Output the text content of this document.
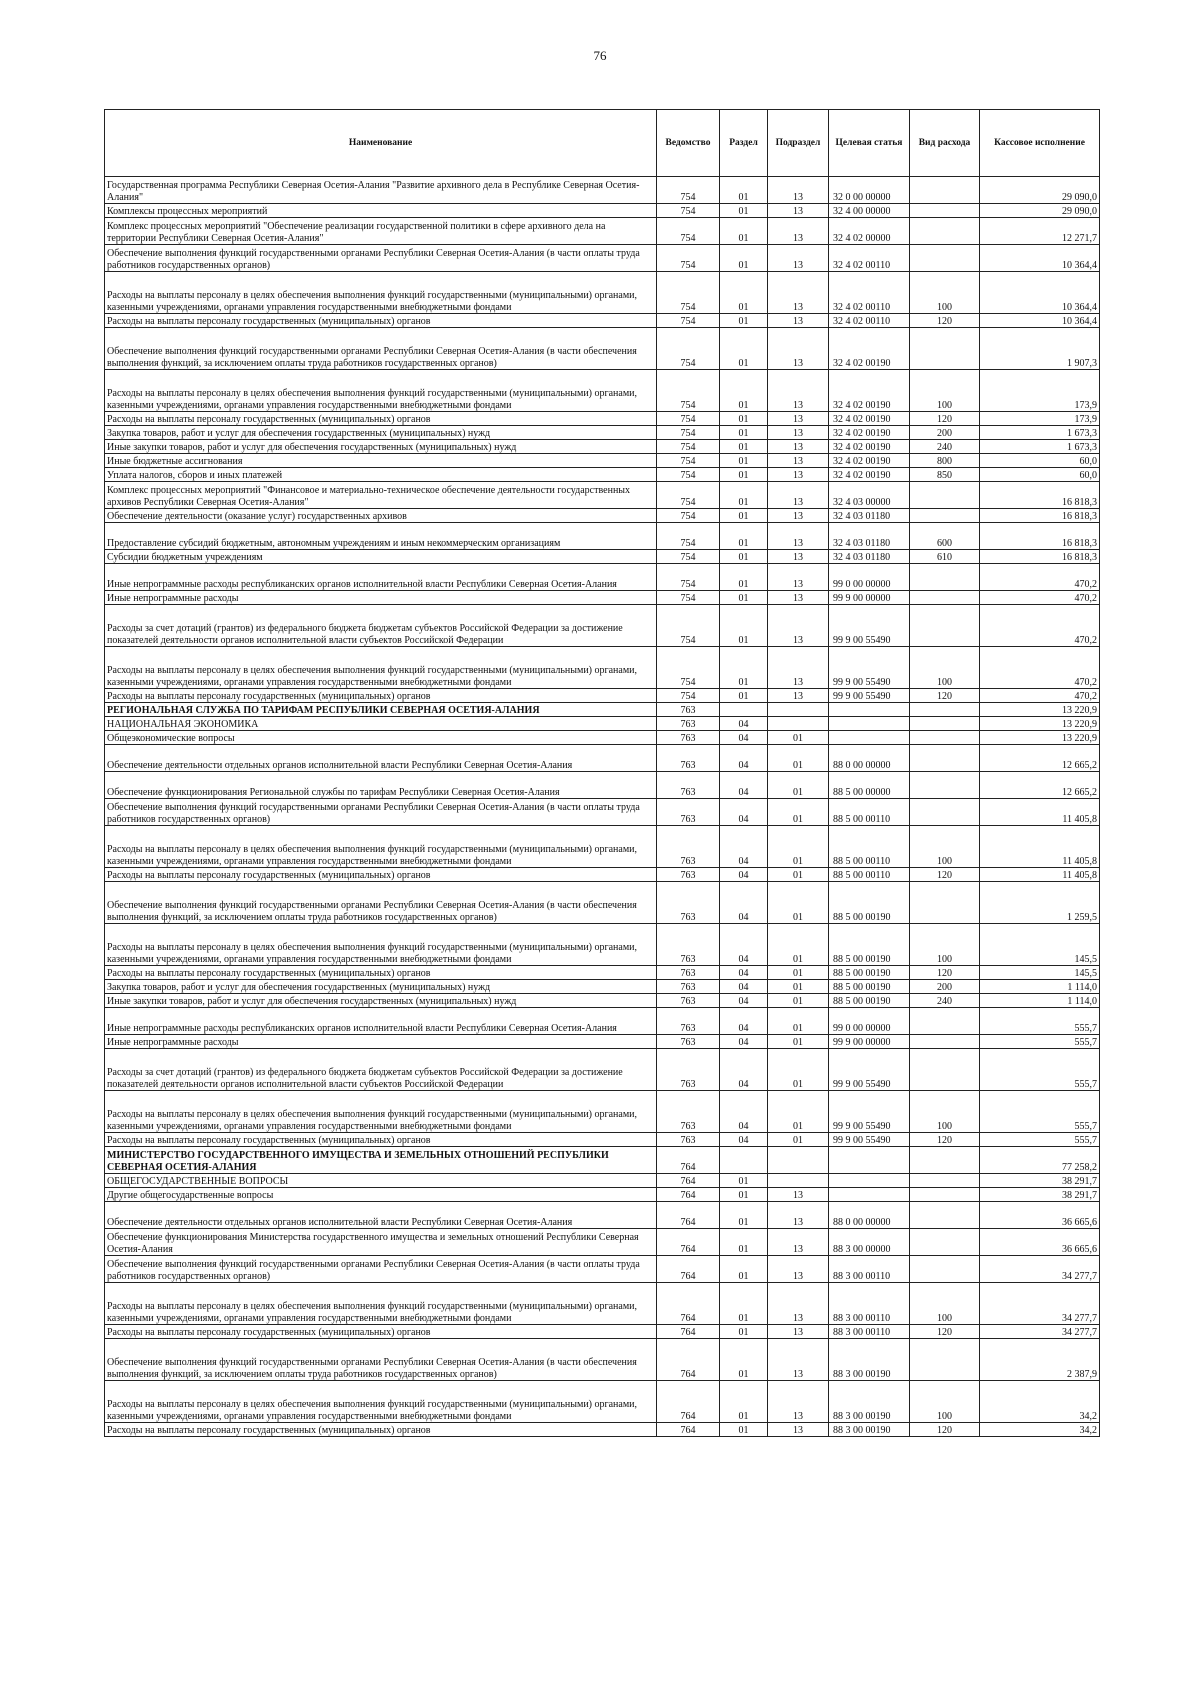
76
Наименование	Ведомство	Раздел	Подраздел	Целевая статья	Вид расхода	Кассовое исполнение
Государственная программа Республики Северная Осетия-Алания "Развитие архивного дела в Республике Северная Осетия-Алания"	754	01	13	32 0 00 00000		29 090,0
Комплексы процессных мероприятий	754	01	13	32 4 00 00000		29 090,0
Комплекс процессных мероприятий "Обеспечение реализации государственной политики в сфере архивного дела на территории Республики Северная Осетия-Алания"	754	01	13	32 4 02 00000		12 271,7
Обеспечение выполнения функций государственными органами Республики Северная Осетия-Алания (в части оплаты труда работников государственных органов)	754	01	13	32 4 02 00110		10 364,4
Расходы на выплаты персоналу в целях обеспечения выполнения функций государственными (муниципальными) органами, казенными учреждениями, органами управления государственными внебюджетными фондами	754	01	13	32 4 02 00110	100	10 364,4
Расходы на выплаты персоналу государственных (муниципальных) органов	754	01	13	32 4 02 00110	120	10 364,4
Обеспечение выполнения функций государственными органами Республики Северная Осетия-Алания (в части обеспечения выполнения функций, за исключением оплаты труда работников государственных органов)	754	01	13	32 4 02 00190		1 907,3
Расходы на выплаты персоналу в целях обеспечения выполнения функций государственными (муниципальными) органами, казенными учреждениями, органами управления государственными внебюджетными фондами	754	01	13	32 4 02 00190	100	173,9
Расходы на выплаты персоналу государственных (муниципальных) органов	754	01	13	32 4 02 00190	120	173,9
Закупка товаров, работ и услуг для обеспечения государственных (муниципальных) нужд	754	01	13	32 4 02 00190	200	1 673,3
Иные закупки товаров, работ и услуг для обеспечения государственных (муниципальных) нужд	754	01	13	32 4 02 00190	240	1 673,3
Иные бюджетные ассигнования	754	01	13	32 4 02 00190	800	60,0
Уплата налогов, сборов и иных платежей	754	01	13	32 4 02 00190	850	60,0
Комплекс процессных мероприятий "Финансовое и материально-техническое обеспечение деятельности государственных архивов Республики Северная Осетия-Алания"	754	01	13	32 4 03 00000		16 818,3
Обеспечение деятельности (оказание услуг) государственных архивов	754	01	13	32 4 03 01180		16 818,3
Предоставление субсидий бюджетным, автономным учреждениям и иным некоммерческим организациям	754	01	13	32 4 03 01180	600	16 818,3
Субсидии бюджетным учреждениям	754	01	13	32 4 03 01180	610	16 818,3
Иные непрограммные расходы республиканских органов исполнительной власти Республики Северная Осетия-Алания	754	01	13	99 0 00 00000		470,2
Иные непрограммные расходы	754	01	13	99 9 00 00000		470,2
Расходы за счет дотаций (грантов) из федерального бюджета бюджетам субъектов Российской Федерации за достижение показателей деятельности органов исполнительной власти субъектов Российской Федерации	754	01	13	99 9 00 55490		470,2
Расходы на выплаты персоналу в целях обеспечения выполнения функций государственными (муниципальными) органами, казенными учреждениями, органами управления государственными внебюджетными фондами	754	01	13	99 9 00 55490	100	470,2
Расходы на выплаты персоналу государственных (муниципальных) органов	754	01	13	99 9 00 55490	120	470,2
РЕГИОНАЛЬНАЯ СЛУЖБА ПО ТАРИФАМ РЕСПУБЛИКИ СЕВЕРНАЯ ОСЕТИЯ-АЛАНИЯ	763					13 220,9
НАЦИОНАЛЬНАЯ ЭКОНОМИКА	763	04				13 220,9
Общеэкономические вопросы	763	04	01			13 220,9
Обеспечение деятельности отдельных органов исполнительной власти Республики Северная Осетия-Алания	763	04	01	88 0 00 00000		12 665,2
Обеспечение функционирования Региональной службы по тарифам Республики Северная Осетия-Алания	763	04	01	88 5 00 00000		12 665,2
Обеспечение выполнения функций государственными органами Республики Северная Осетия-Алания (в части оплаты труда работников государственных органов)	763	04	01	88 5 00 00110		11 405,8
Расходы на выплаты персоналу в целях обеспечения выполнения функций государственными (муниципальными) органами, казенными учреждениями, органами управления государственными внебюджетными фондами	763	04	01	88 5 00 00110	100	11 405,8
Расходы на выплаты персоналу государственных (муниципальных) органов	763	04	01	88 5 00 00110	120	11 405,8
Обеспечение выполнения функций государственными органами Республики Северная Осетия-Алания (в части обеспечения выполнения функций, за исключением оплаты труда работников государственных органов)	763	04	01	88 5 00 00190		1 259,5
Расходы на выплаты персоналу в целях обеспечения выполнения функций государственными (муниципальными) органами, казенными учреждениями, органами управления государственными внебюджетными фондами	763	04	01	88 5 00 00190	100	145,5
Расходы на выплаты персоналу государственных (муниципальных) органов	763	04	01	88 5 00 00190	120	145,5
Закупка товаров, работ и услуг для обеспечения государственных (муниципальных) нужд	763	04	01	88 5 00 00190	200	1 114,0
Иные закупки товаров, работ и услуг для обеспечения государственных (муниципальных) нужд	763	04	01	88 5 00 00190	240	1 114,0
Иные непрограммные расходы республиканских органов исполнительной власти Республики Северная Осетия-Алания	763	04	01	99 0 00 00000		555,7
Иные непрограммные расходы	763	04	01	99 9 00 00000		555,7
Расходы за счет дотаций (грантов) из федерального бюджета бюджетам субъектов Российской Федерации за достижение показателей деятельности органов исполнительной власти субъектов Российской Федерации	763	04	01	99 9 00 55490		555,7
Расходы на выплаты персоналу в целях обеспечения выполнения функций государственными (муниципальными) органами, казенными учреждениями, органами управления государственными внебюджетными фондами	763	04	01	99 9 00 55490	100	555,7
Расходы на выплаты персоналу государственных (муниципальных) органов	763	04	01	99 9 00 55490	120	555,7
МИНИСТЕРСТВО ГОСУДАРСТВЕННОГО ИМУЩЕСТВА И ЗЕМЕЛЬНЫХ ОТНОШЕНИЙ РЕСПУБЛИКИ СЕВЕРНАЯ ОСЕТИЯ-АЛАНИЯ	764					77 258,2
ОБЩЕГОСУДАРСТВЕННЫЕ ВОПРОСЫ	764	01				38 291,7
Другие общегосударственные вопросы	764	01	13			38 291,7
Обеспечение деятельности отдельных органов исполнительной власти Республики Северная Осетия-Алания	764	01	13	88 0 00 00000		36 665,6
Обеспечение функционирования Министерства государственного имущества и земельных отношений Республики Северная Осетия-Алания	764	01	13	88 3 00 00000		36 665,6
Обеспечение выполнения функций государственными органами Республики Северная Осетия-Алания (в части оплаты труда работников государственных органов)	764	01	13	88 3 00 00110		34 277,7
Расходы на выплаты персоналу в целях обеспечения выполнения функций государственными (муниципальными) органами, казенными учреждениями, органами управления государственными внебюджетными фондами	764	01	13	88 3 00 00110	100	34 277,7
Расходы на выплаты персоналу государственных (муниципальных) органов	764	01	13	88 3 00 00110	120	34 277,7
Обеспечение выполнения функций государственными органами Республики Северная Осетия-Алания (в части обеспечения выполнения функций, за исключением оплаты труда работников государственных органов)	764	01	13	88 3 00 00190		2 387,9
Расходы на выплаты персоналу в целях обеспечения выполнения функций государственными (муниципальными) органами, казенными учреждениями, органами управления государственными внебюджетными фондами	764	01	13	88 3 00 00190	100	34,2
Расходы на выплаты персоналу государственных (муниципальных) органов	764	01	13	88 3 00 00190	120	34,2
